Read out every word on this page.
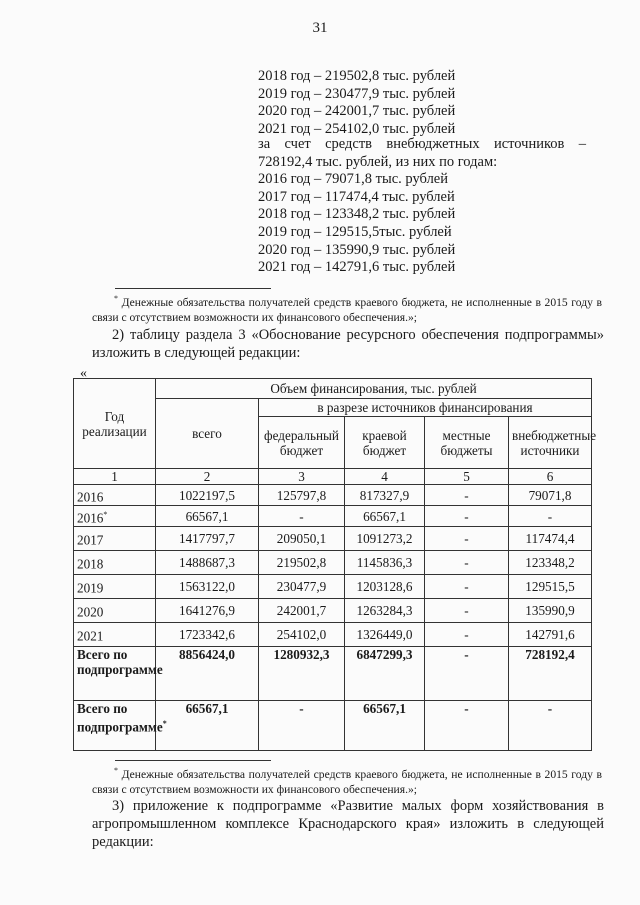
31
2018 год – 219502,8 тыс. рублей
2019 год – 230477,9 тыс. рублей
2020 год – 242001,7 тыс. рублей
2021 год – 254102,0 тыс. рублей
за счет средств внебюджетных источников –
728192,4 тыс. рублей, из них по годам:
2016 год – 79071,8 тыс. рублей
2017 год – 117474,4 тыс. рублей
2018 год – 123348,2 тыс. рублей
2019 год – 129515,5тыс. рублей
2020 год – 135990,9 тыс. рублей
2021 год – 142791,6 тыс. рублей
* Денежные обязательства получателей средств краевого бюджета, не исполненные в 2015 году в связи с отсутствием возможности их финансового обеспечения.»;
2) таблицу раздела 3 «Обоснование ресурсного обеспечения подпрограммы» изложить в следующей редакции:
«
Год реализации	Объем финансирования, тыс. рублей				
	всего	в разрезе источников финансирования			
		федеральный бюджет	краевой бюджет	местные бюджеты	внебюджетные источники
1	2	3	4	5	6
2016	1022197,5	125797,8	817327,9	-	79071,8
2016*	66567,1	-	66567,1	-	-
2017	1417797,7	209050,1	1091273,2	-	117474,4
2018	1488687,3	219502,8	1145836,3	-	123348,2
2019	1563122,0	230477,9	1203128,6	-	129515,5
2020	1641276,9	242001,7	1263284,3	-	135990,9
2021	1723342,6	254102,0	1326449,0	-	142791,6
Всего по подпрограмме	8856424,0	1280932,3	6847299,3	-	728192,4
Всего по подпрограмме*	66567,1	-	66567,1	-	-
* Денежные обязательства получателей средств краевого бюджета, не исполненные в 2015 году в связи с отсутствием возможности их финансового обеспечения.»;
3) приложение к подпрограмме «Развитие малых форм хозяйствования в агропромышленном комплексе Краснодарского края» изложить в следующей редакции:
